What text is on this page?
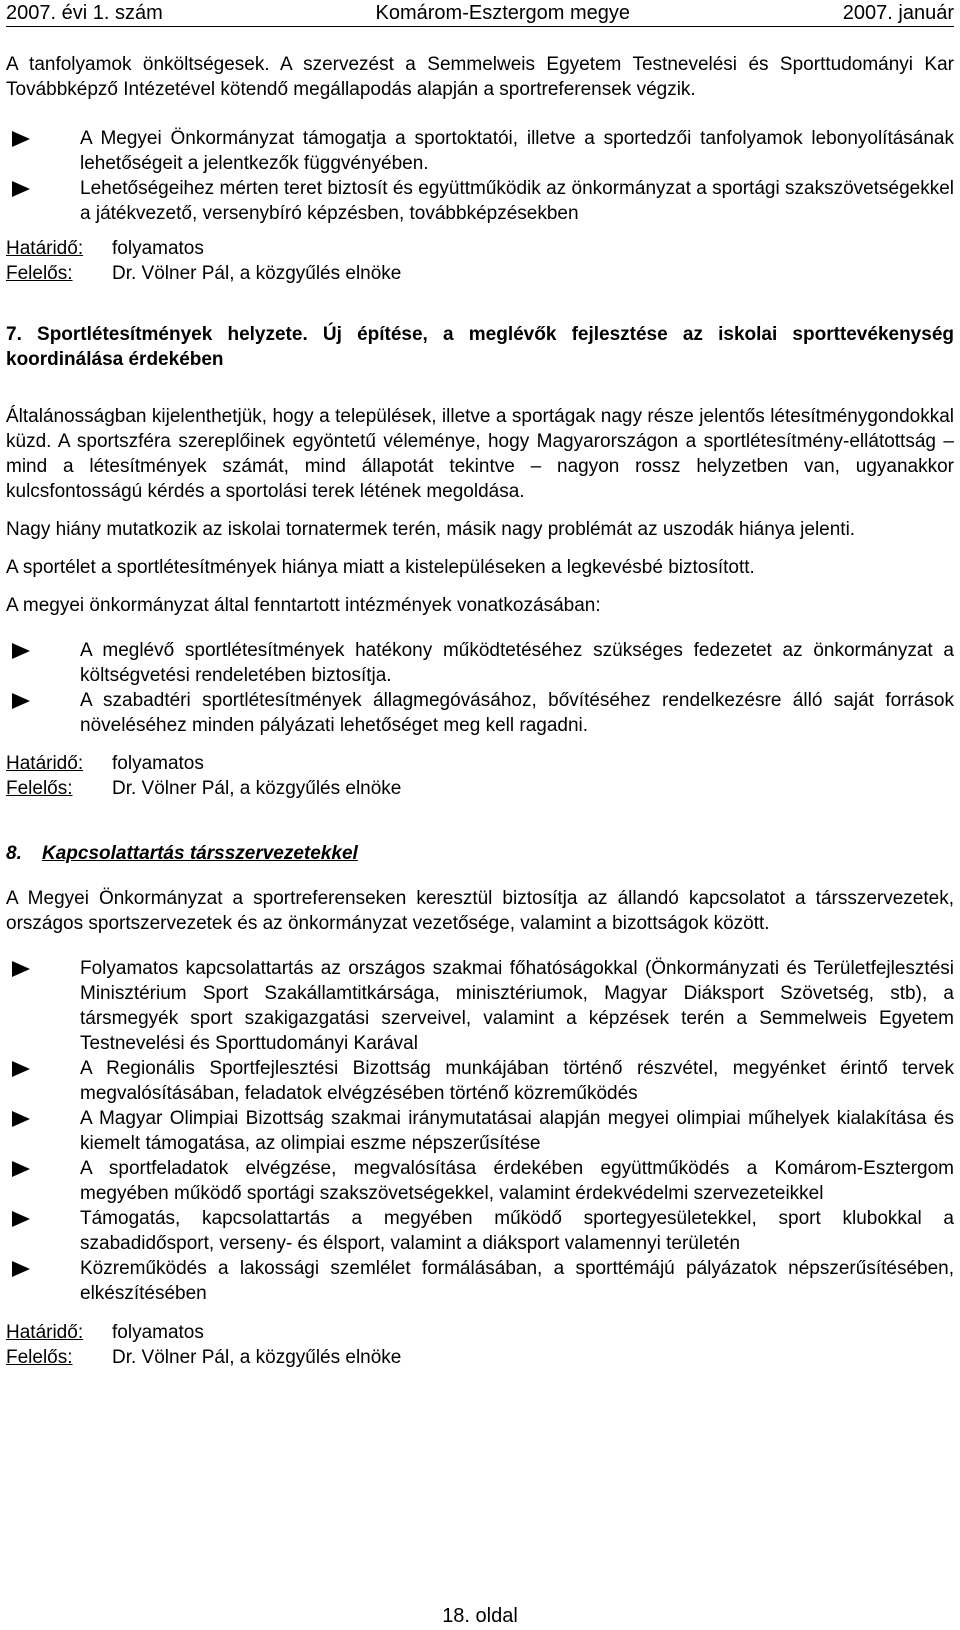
2007. évi 1. szám	Komárom-Esztergom megye	2007. január

A tanfolyamok önköltségesek. A szervezést a Semmelweis Egyetem Testnevelési és Sporttudományi Kar Továbbképző Intézetével kötendő megállapodás alapján a sportreferensek végzik.

A Megyei Önkormányzat támogatja a sportoktatói, illetve a sportedzői tanfolyamok lebonyolításának lehetőségeit a jelentkezők függvényében.
Lehetőségeihez mérten teret biztosít és együttműködik az önkormányzat a sportági szakszövetségekkel a játékvezető, versenybíró képzésben, továbbképzésekben
Határidő:	folyamatos
Felelős:	Dr. Völner Pál, a közgyűlés elnöke

7. Sportlétesítmények helyzete. Új építése, a meglévők fejlesztése az iskolai sporttevékenység koordinálása érdekében

Általánosságban kijelenthetjük, hogy a települések, illetve a sportágak nagy része jelentős létesítménygondokkal küzd. A sportszféra szereplőinek egyöntetű véleménye, hogy Magyarországon a sportlétesítmény-ellátottság – mind a létesítmények számát, mind állapotát tekintve – nagyon rossz helyzetben van, ugyanakkor kulcsfontosságú kérdés a sportolási terek létének megoldása.

Nagy hiány mutatkozik az iskolai tornatermek terén, másik nagy problémát az uszodák hiánya jelenti.

A sportélet a sportlétesítmények hiánya miatt a kistelepüléseken a legkevésbé biztosított.

A megyei önkormányzat által fenntartott intézmények vonatkozásában:

A meglévő sportlétesítmények hatékony működtetéséhez szükséges fedezetet az önkormányzat a költségvetési rendeletében biztosítja.
A szabadtéri sportlétesítmények állagmegóvásához, bővítéséhez rendelkezésre álló saját források növeléséhez minden pályázati lehetőséget meg kell ragadni.
Határidő:	folyamatos
Felelős:	Dr. Völner Pál, a közgyűlés elnöke

8. Kapcsolattartás társszervezetekkel

A Megyei Önkormányzat a sportreferenseken keresztül biztosítja az állandó kapcsolatot a társszervezetek, országos sportszervezetek és az önkormányzat vezetősége, valamint a bizottságok között.

Folyamatos kapcsolattartás az országos szakmai főhatóságokkal (Önkormányzati és Területfejlesztési Minisztérium Sport Szakállamtitkársága, minisztériumok, Magyar Diáksport Szövetség, stb), a társmegyék sport szakigazgatási szerveivel, valamint a képzések terén a Semmelweis Egyetem Testnevelési és Sporttudományi Karával
A Regionális Sportfejlesztési Bizottság munkájában történő részvétel, megyénket érintő tervek megvalósításában, feladatok elvégzésében történő közreműködés
A Magyar Olimpiai Bizottság szakmai iránymutatásai alapján megyei olimpiai műhelyek kialakítása és kiemelt támogatása, az olimpiai eszme népszerűsítése
A sportfeladatok elvégzése, megvalósítása érdekében együttműködés a Komárom-Esztergom megyében működő sportági szakszövetségekkel, valamint érdekvédelmi szervezeteikkel
Támogatás, kapcsolattartás a megyében működő sportegyesületekkel, sport klubokkal a szabadidősport, verseny- és élsport, valamint a diáksport valamennyi területén
Közreműködés a lakossági szemlélet formálásában, a sporttémájú pályázatok népszerűsítésében, elkészítésében
Határidő:	folyamatos
Felelős:	Dr. Völner Pál, a közgyűlés elnöke
18. oldal
